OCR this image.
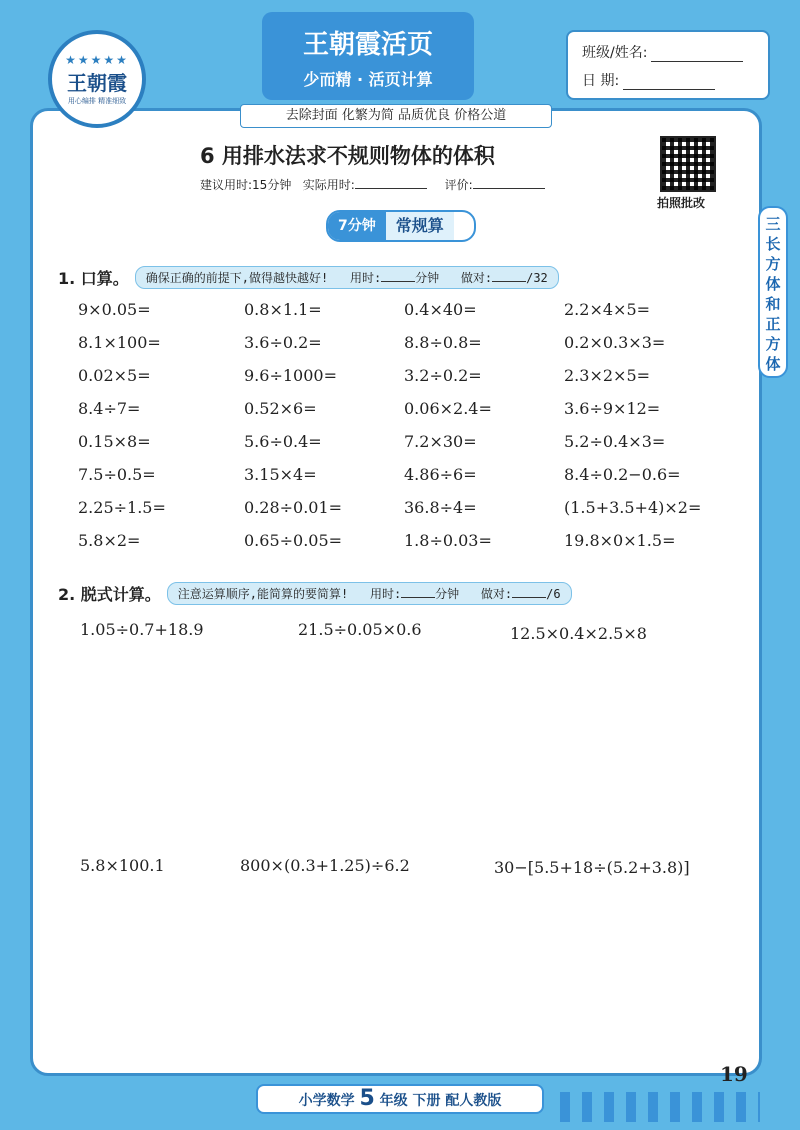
★★★★★
王朝霞
用心编排 精准细致
王朝霞活页
少而精 · 活页计算
去除封面 化繁为简 品质优良 价格公道
班级/姓名:
日 期:
6 用排水法求不规则物体的体积
建议用时:15分钟 实际用时:	评价:
拍照批改
7分钟	常规算	三
长
方
体
和
正
方
体
1. 口算。	确保正确的前提下,做得越快越好! 用时:	分钟 做对:	/32
9×0.05=	0.8×1.1=	0.4×40=	2.2×4×5=
8.1×100=	3.6÷0.2=	8.8÷0.8=	0.2×0.3×3=
0.02×5=	9.6÷1000=	3.2÷0.2=	2.3×2×5=
8.4÷7=	0.52×6=	0.06×2.4=	3.6÷9×12=
0.15×8=	5.6÷0.4=	7.2×30=	5.2÷0.4×3=
7.5÷0.5=	3.15×4=	4.86÷6=	8.4÷0.2−0.6=
2.25÷1.5=	0.28÷0.01=	36.8÷4=	(1.5+3.5+4)×2=
5.8×2=	0.65÷0.05=	1.8÷0.03=	19.8×0×1.5=
2. 脱式计算。	注意运算顺序,能简算的要简算! 用时:	分钟 做对:	/6
1.05÷0.7+18.9	21.5÷0.05×0.6	12.5×0.4×2.5×8
5.8×100.1	800×(0.3+1.25)÷6.2	30−[5.5+18÷(5.2+3.8)]
19
小学数学 5 年级 下册 配人教版
